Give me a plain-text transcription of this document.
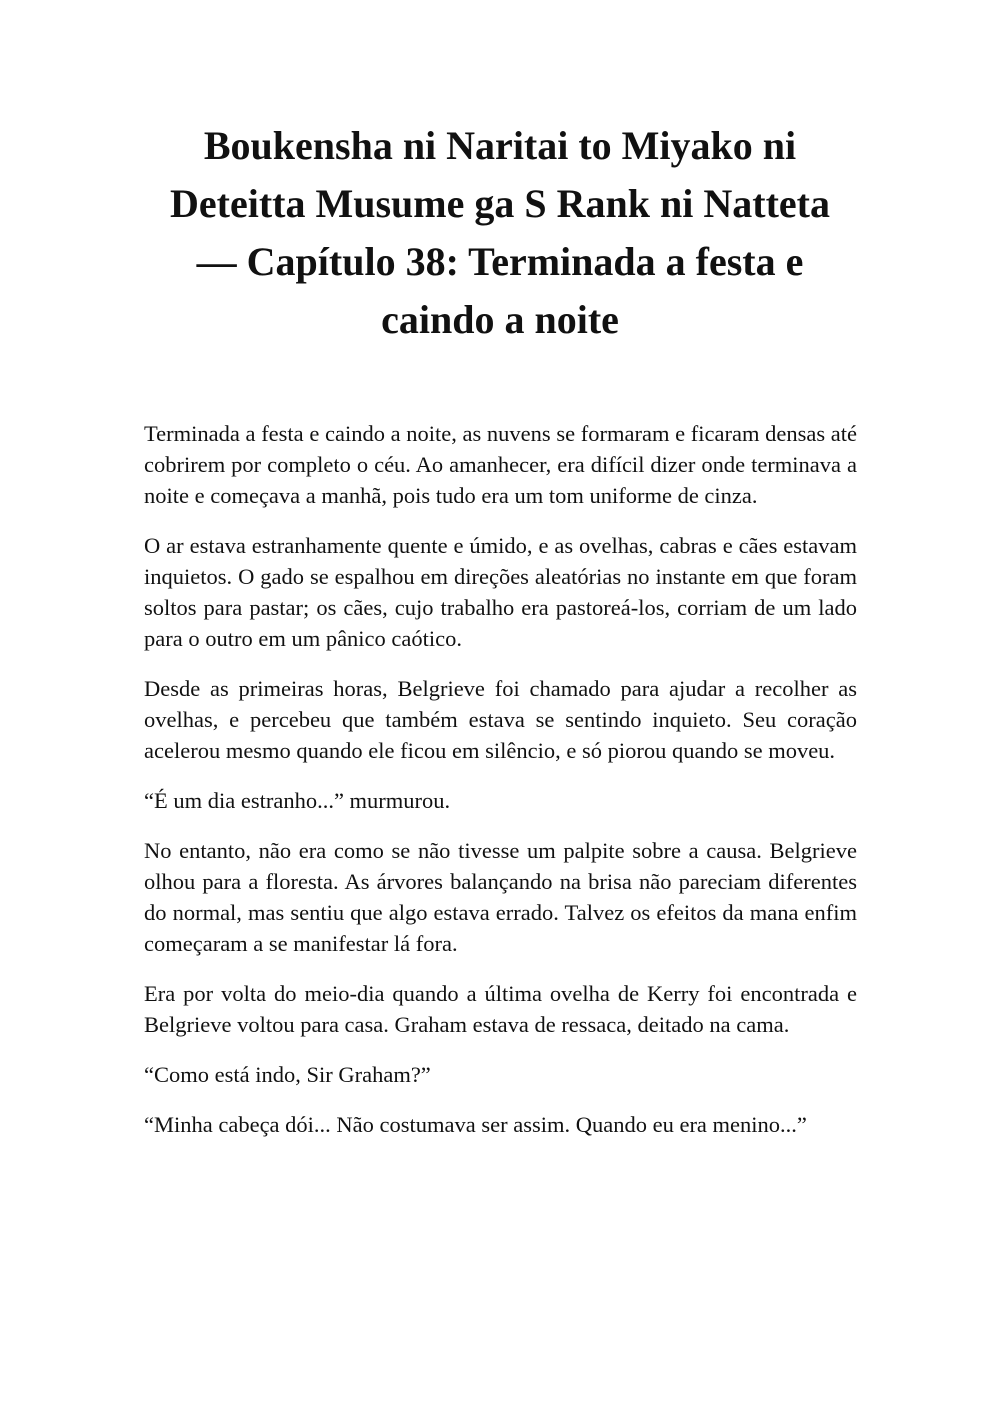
Boukensha ni Naritai to Miyako ni Deteitta Musume ga S Rank ni Natteta — Capítulo 38: Terminada a festa e caindo a noite

Terminada a festa e caindo a noite, as nuvens se formaram e ficaram densas até cobrirem por completo o céu. Ao amanhecer, era difícil dizer onde terminava a noite e começava a manhã, pois tudo era um tom uniforme de cinza.

O ar estava estranhamente quente e úmido, e as ovelhas, cabras e cães estavam inquietos. O gado se espalhou em direções aleatórias no instante em que foram soltos para pastar; os cães, cujo trabalho era pastoreá-los, corriam de um lado para o outro em um pânico caótico.

Desde as primeiras horas, Belgrieve foi chamado para ajudar a recolher as ovelhas, e percebeu que também estava se sentindo inquieto. Seu coração acelerou mesmo quando ele ficou em silêncio, e só piorou quando se moveu.

“É um dia estranho...” murmurou.

No entanto, não era como se não tivesse um palpite sobre a causa. Belgrieve olhou para a floresta. As árvores balançando na brisa não pareciam diferentes do normal, mas sentiu que algo estava errado. Talvez os efeitos da mana enfim começaram a se manifestar lá fora.

Era por volta do meio-dia quando a última ovelha de Kerry foi encontrada e Belgrieve voltou para casa. Graham estava de ressaca, deitado na cama.

“Como está indo, Sir Graham?”

“Minha cabeça dói... Não costumava ser assim. Quando eu era menino...”
